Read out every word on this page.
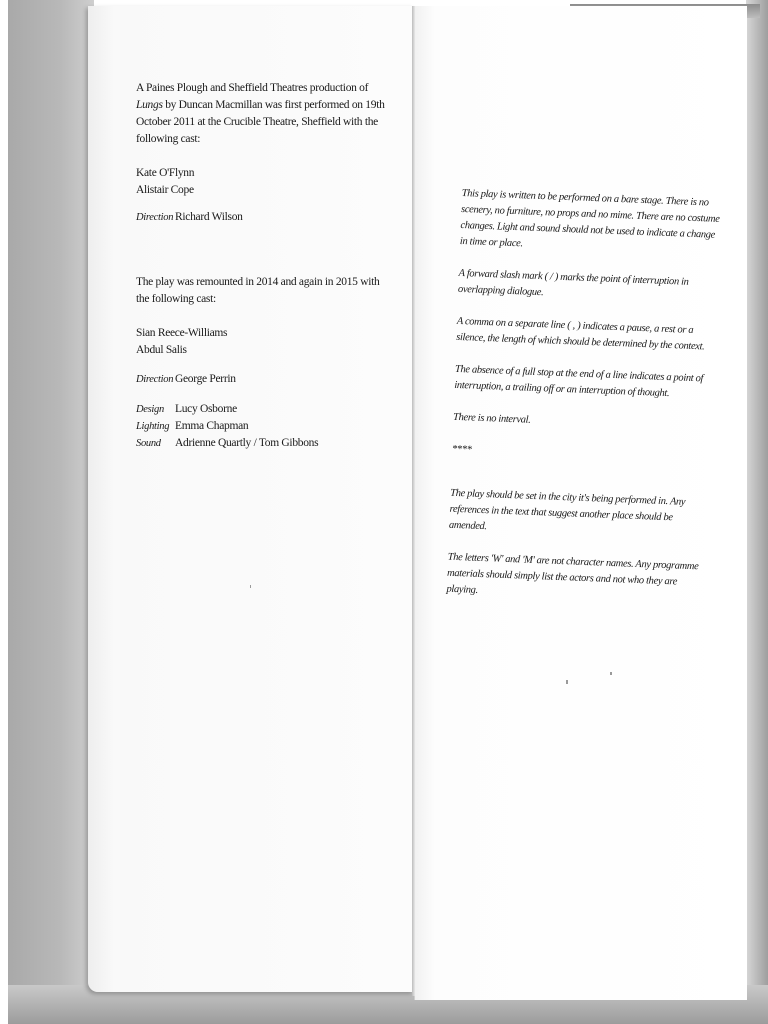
A Paines Plough and Sheffield Theatres production of Lungs by Duncan Macmillan was first performed on 19th October 2011 at the Crucible Theatre, Sheffield with the following cast:

Kate O'Flynn

Alistair Cope

Direction Richard Wilson

The play was remounted in 2014 and again in 2015 with the following cast:

Sian Reece-Williams

Abdul Salis

Direction George Perrin
Design Lucy Osborne
Lighting Emma Chapman
Sound	Adrienne Quartly / Tom Gibbons

This play is written to be performed on a bare stage. There is no scenery, no furniture, no props and no mime. There are no costume changes. Light and sound should not be used to indicate a change in time or place.

A forward slash mark ( / ) marks the point of interruption in overlapping dialogue.

A comma on a separate line ( , ) indicates a pause, a rest or a silence, the length of which should be determined by the context.

The absence of a full stop at the end of a line indicates a point of interruption, a trailing off or an interruption of thought.

There is no interval.

****

The play should be set in the city it's being performed in. Any references in the text that suggest another place should be amended.

The letters 'W' and 'M' are not character names. Any programme materials should simply list the actors and not who they are playing.
